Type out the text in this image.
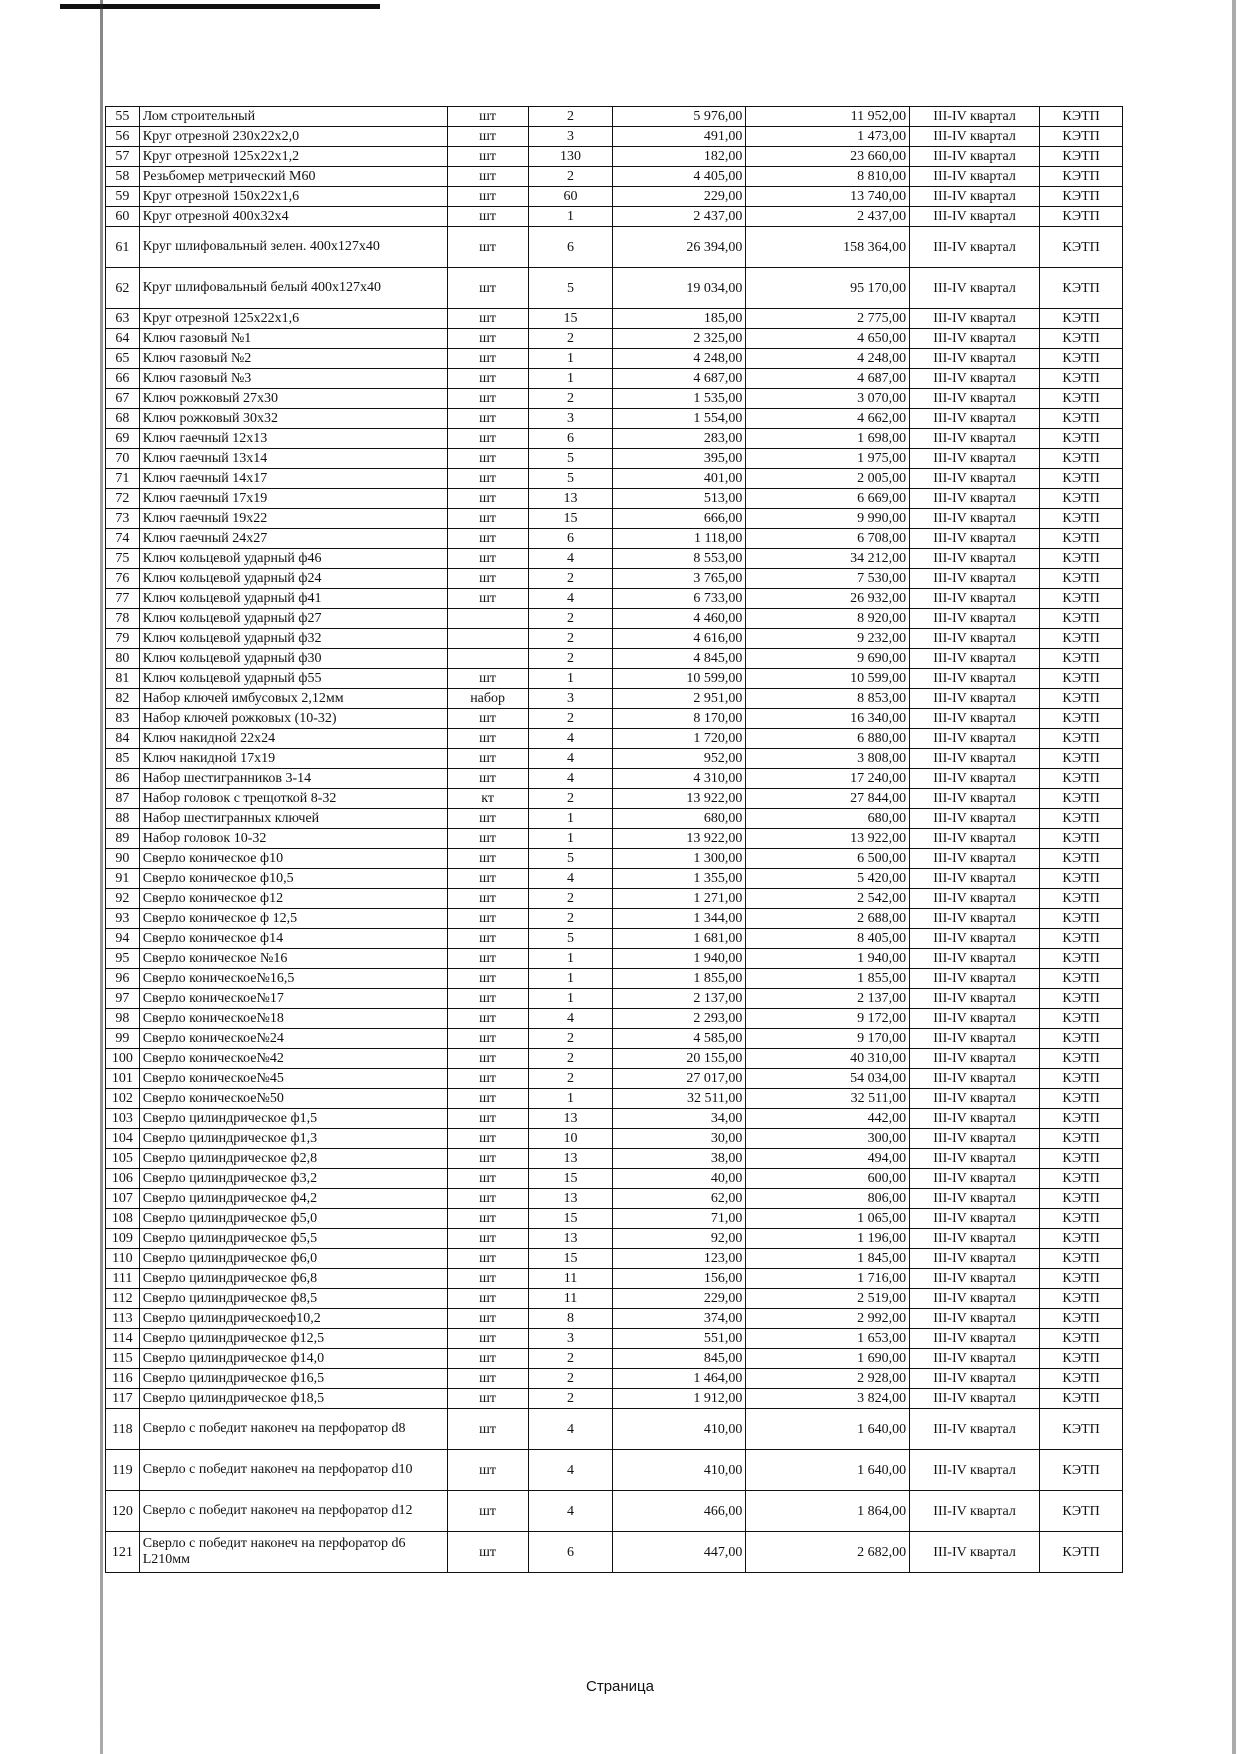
55	Лом строительный	шт	2	5 976,00	11 952,00	III-IV квартал	КЭТП
56	Круг отрезной 230х22х2,0	шт	3	491,00	1 473,00	III-IV квартал	КЭТП
57	Круг отрезной 125х22х1,2	шт	130	182,00	23 660,00	III-IV квартал	КЭТП
58	Резьбомер метрический М60	шт	2	4 405,00	8 810,00	III-IV квартал	КЭТП
59	Круг отрезной 150х22х1,6	шт	60	229,00	13 740,00	III-IV квартал	КЭТП
60	Круг отрезной 400х32х4	шт	1	2 437,00	2 437,00	III-IV квартал	КЭТП
61	Круг шлифовальный зелен. 400х127х40	шт	6	26 394,00	158 364,00	III-IV квартал	КЭТП
62	Круг шлифовальный белый 400х127х40	шт	5	19 034,00	95 170,00	III-IV квартал	КЭТП
63	Круг отрезной 125х22х1,6	шт	15	185,00	2 775,00	III-IV квартал	КЭТП
64	Ключ газовый №1	шт	2	2 325,00	4 650,00	III-IV квартал	КЭТП
65	Ключ газовый №2	шт	1	4 248,00	4 248,00	III-IV квартал	КЭТП
66	Ключ газовый №3	шт	1	4 687,00	4 687,00	III-IV квартал	КЭТП
67	Ключ рожковый 27х30	шт	2	1 535,00	3 070,00	III-IV квартал	КЭТП
68	Ключ рожковый 30х32	шт	3	1 554,00	4 662,00	III-IV квартал	КЭТП
69	Ключ гаечный 12х13	шт	6	283,00	1 698,00	III-IV квартал	КЭТП
70	Ключ гаечный 13х14	шт	5	395,00	1 975,00	III-IV квартал	КЭТП
71	Ключ гаечный 14х17	шт	5	401,00	2 005,00	III-IV квартал	КЭТП
72	Ключ гаечный 17х19	шт	13	513,00	6 669,00	III-IV квартал	КЭТП
73	Ключ гаечный 19х22	шт	15	666,00	9 990,00	III-IV квартал	КЭТП
74	Ключ гаечный 24х27	шт	6	1 118,00	6 708,00	III-IV квартал	КЭТП
75	Ключ кольцевой ударный ф46	шт	4	8 553,00	34 212,00	III-IV квартал	КЭТП
76	Ключ кольцевой ударный ф24	шт	2	3 765,00	7 530,00	III-IV квартал	КЭТП
77	Ключ кольцевой ударный ф41	шт	4	6 733,00	26 932,00	III-IV квартал	КЭТП
78	Ключ кольцевой ударный ф27		2	4 460,00	8 920,00	III-IV квартал	КЭТП
79	Ключ кольцевой ударный ф32		2	4 616,00	9 232,00	III-IV квартал	КЭТП
80	Ключ кольцевой ударный ф30		2	4 845,00	9 690,00	III-IV квартал	КЭТП
81	Ключ кольцевой ударный ф55	шт	1	10 599,00	10 599,00	III-IV квартал	КЭТП
82	Набор ключей имбусовых 2,12мм	набор	3	2 951,00	8 853,00	III-IV квартал	КЭТП
83	Набор ключей рожковых (10-32)	шт	2	8 170,00	16 340,00	III-IV квартал	КЭТП
84	Ключ накидной 22х24	шт	4	1 720,00	6 880,00	III-IV квартал	КЭТП
85	Ключ накидной 17х19	шт	4	952,00	3 808,00	III-IV квартал	КЭТП
86	Набор шестигранников 3-14	шт	4	4 310,00	17 240,00	III-IV квартал	КЭТП
87	Набор головок с трещоткой 8-32	кт	2	13 922,00	27 844,00	III-IV квартал	КЭТП
88	Набор шестигранных ключей	шт	1	680,00	680,00	III-IV квартал	КЭТП
89	Набор головок 10-32	шт	1	13 922,00	13 922,00	III-IV квартал	КЭТП
90	Сверло коническое ф10	шт	5	1 300,00	6 500,00	III-IV квартал	КЭТП
91	Сверло коническое ф10,5	шт	4	1 355,00	5 420,00	III-IV квартал	КЭТП
92	Сверло коническое ф12	шт	2	1 271,00	2 542,00	III-IV квартал	КЭТП
93	Сверло коническое ф 12,5	шт	2	1 344,00	2 688,00	III-IV квартал	КЭТП
94	Сверло коническое ф14	шт	5	1 681,00	8 405,00	III-IV квартал	КЭТП
95	Сверло коническое №16	шт	1	1 940,00	1 940,00	III-IV квартал	КЭТП
96	Сверло коническое№16,5	шт	1	1 855,00	1 855,00	III-IV квартал	КЭТП
97	Сверло коническое№17	шт	1	2 137,00	2 137,00	III-IV квартал	КЭТП
98	Сверло коническое№18	шт	4	2 293,00	9 172,00	III-IV квартал	КЭТП
99	Сверло коническое№24	шт	2	4 585,00	9 170,00	III-IV квартал	КЭТП
100	Сверло коническое№42	шт	2	20 155,00	40 310,00	III-IV квартал	КЭТП
101	Сверло коническое№45	шт	2	27 017,00	54 034,00	III-IV квартал	КЭТП
102	Сверло коническое№50	шт	1	32 511,00	32 511,00	III-IV квартал	КЭТП
103	Сверло цилиндрическое ф1,5	шт	13	34,00	442,00	III-IV квартал	КЭТП
104	Сверло цилиндрическое ф1,3	шт	10	30,00	300,00	III-IV квартал	КЭТП
105	Сверло цилиндрическое ф2,8	шт	13	38,00	494,00	III-IV квартал	КЭТП
106	Сверло цилиндрическое ф3,2	шт	15	40,00	600,00	III-IV квартал	КЭТП
107	Сверло цилиндрическое ф4,2	шт	13	62,00	806,00	III-IV квартал	КЭТП
108	Сверло цилиндрическое ф5,0	шт	15	71,00	1 065,00	III-IV квартал	КЭТП
109	Сверло цилиндрическое ф5,5	шт	13	92,00	1 196,00	III-IV квартал	КЭТП
110	Сверло цилиндрическое ф6,0	шт	15	123,00	1 845,00	III-IV квартал	КЭТП
111	Сверло цилиндрическое ф6,8	шт	11	156,00	1 716,00	III-IV квартал	КЭТП
112	Сверло цилиндрическое ф8,5	шт	11	229,00	2 519,00	III-IV квартал	КЭТП
113	Сверло цилиндрическоеф10,2	шт	8	374,00	2 992,00	III-IV квартал	КЭТП
114	Сверло цилиндрическое ф12,5	шт	3	551,00	1 653,00	III-IV квартал	КЭТП
115	Сверло цилиндрическое ф14,0	шт	2	845,00	1 690,00	III-IV квартал	КЭТП
116	Сверло цилиндрическое ф16,5	шт	2	1 464,00	2 928,00	III-IV квартал	КЭТП
117	Сверло цилиндрическое ф18,5	шт	2	1 912,00	3 824,00	III-IV квартал	КЭТП
118	Сверло с победит наконеч на перфоратор d8	шт	4	410,00	1 640,00	III-IV квартал	КЭТП
119	Сверло с победит наконеч на перфоратор d10	шт	4	410,00	1 640,00	III-IV квартал	КЭТП
120	Сверло с победит наконеч на перфоратор d12	шт	4	466,00	1 864,00	III-IV квартал	КЭТП
121	Сверло с победит наконеч на перфоратор d6 L210мм	шт	6	447,00	2 682,00	III-IV квартал	КЭТП
Страница
